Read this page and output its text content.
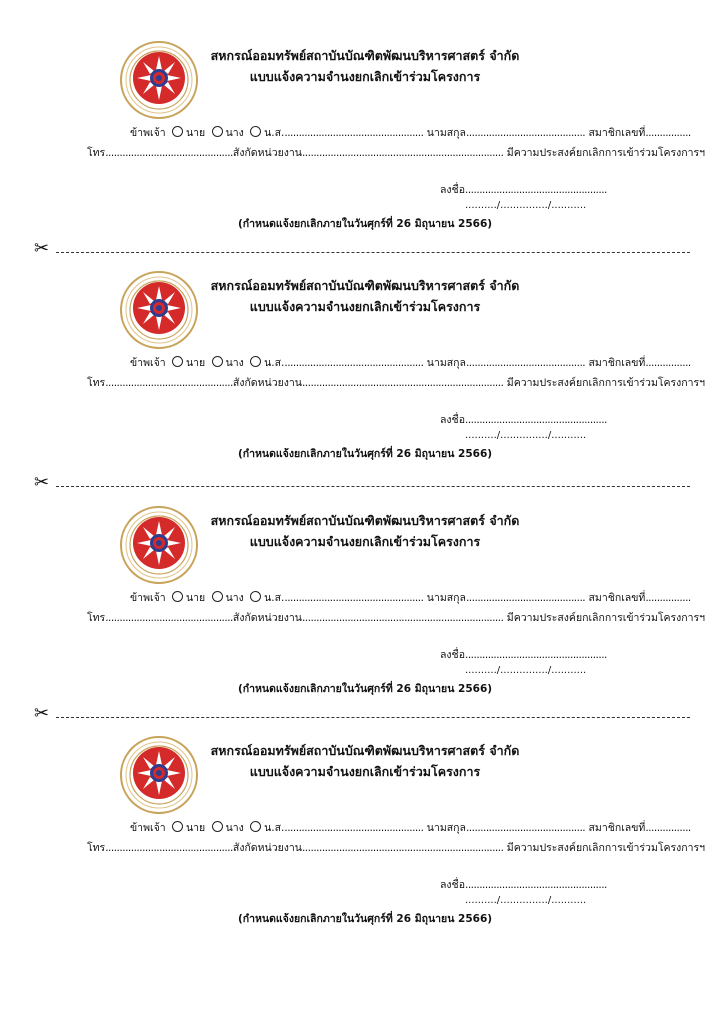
สหกรณ์ออมทรัพย์สถาบันบัณฑิตพัฒนบริหารศาสตร์ จำกัด
แบบแจ้งความจำนงยกเลิกเข้าร่วมโครงการ
ข้าพเจ้า นาย นาง น.ส.................................................. นามสกุล.......................................... สมาชิกเลขที่................
โทร.............................................สังกัดหน่วยงาน....................................................................... มีความประสงค์ยกเลิกการเข้าร่วมโครงการฯ
ลงชื่อ..................................................
........../.............../...........
(กำหนดแจ้งยกเลิกภายในวันศุกร์ที่ 26 มิถุนายน 2566)
✂
สหกรณ์ออมทรัพย์สถาบันบัณฑิตพัฒนบริหารศาสตร์ จำกัด
แบบแจ้งความจำนงยกเลิกเข้าร่วมโครงการ
ข้าพเจ้า นาย นาง น.ส.................................................. นามสกุล.......................................... สมาชิกเลขที่................
โทร.............................................สังกัดหน่วยงาน....................................................................... มีความประสงค์ยกเลิกการเข้าร่วมโครงการฯ
ลงชื่อ..................................................
........../.............../...........
(กำหนดแจ้งยกเลิกภายในวันศุกร์ที่ 26 มิถุนายน 2566)
✂
สหกรณ์ออมทรัพย์สถาบันบัณฑิตพัฒนบริหารศาสตร์ จำกัด
แบบแจ้งความจำนงยกเลิกเข้าร่วมโครงการ
ข้าพเจ้า นาย นาง น.ส.................................................. นามสกุล.......................................... สมาชิกเลขที่................
โทร.............................................สังกัดหน่วยงาน....................................................................... มีความประสงค์ยกเลิกการเข้าร่วมโครงการฯ
ลงชื่อ..................................................
........../.............../...........
(กำหนดแจ้งยกเลิกภายในวันศุกร์ที่ 26 มิถุนายน 2566)
✂
สหกรณ์ออมทรัพย์สถาบันบัณฑิตพัฒนบริหารศาสตร์ จำกัด
แบบแจ้งความจำนงยกเลิกเข้าร่วมโครงการ
ข้าพเจ้า นาย นาง น.ส.................................................. นามสกุล.......................................... สมาชิกเลขที่................
โทร.............................................สังกัดหน่วยงาน....................................................................... มีความประสงค์ยกเลิกการเข้าร่วมโครงการฯ
ลงชื่อ..................................................
........../.............../...........
(กำหนดแจ้งยกเลิกภายในวันศุกร์ที่ 26 มิถุนายน 2566)
